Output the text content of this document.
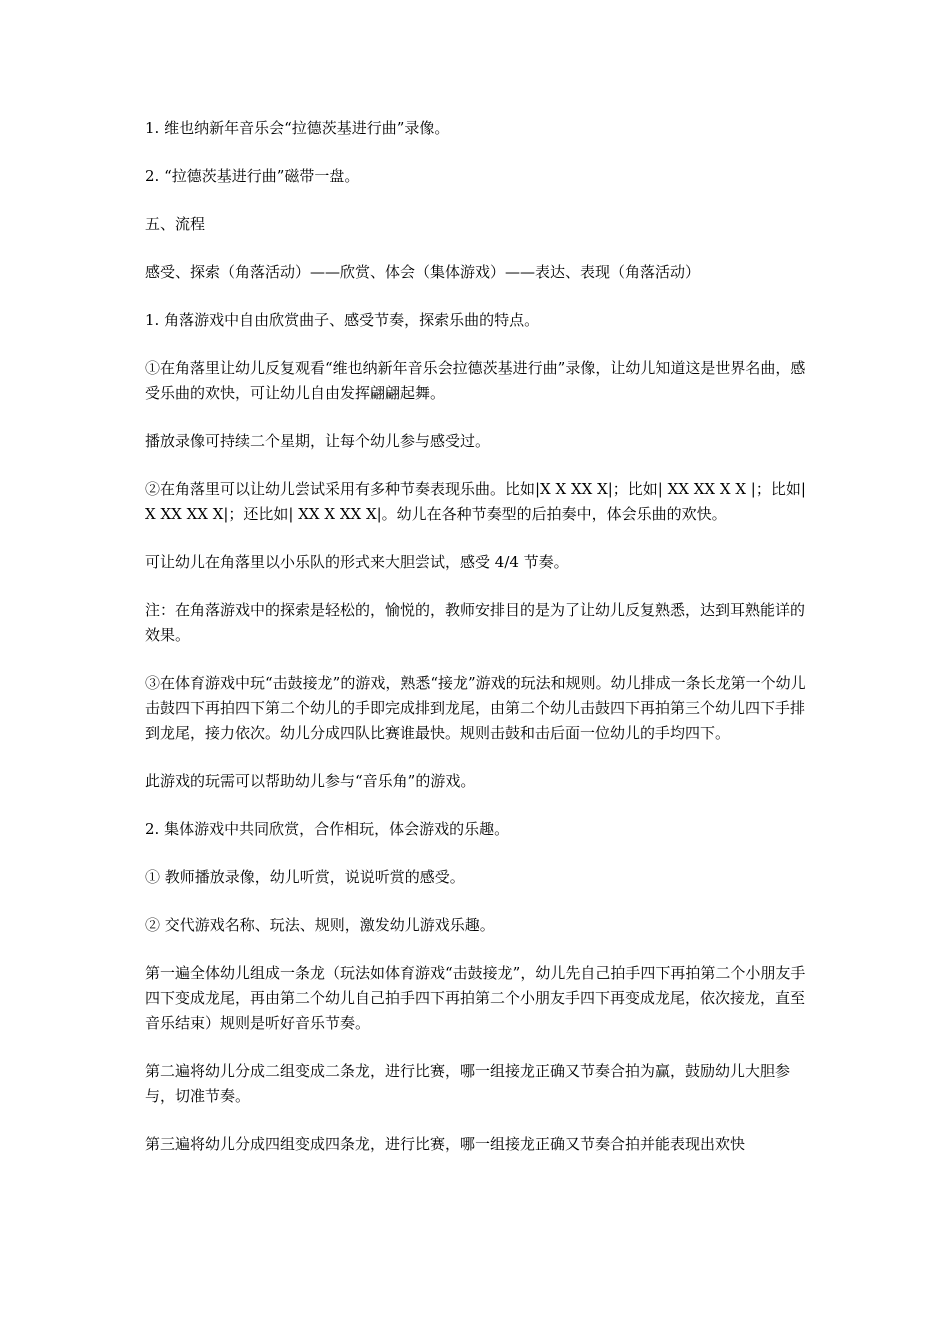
1. 维也纳新年音乐会“拉德茨基进行曲”录像。

2. “拉德茨基进行曲”磁带一盘。

五、流程

感受、探索（角落活动）——欣赏、体会（集体游戏）——表达、表现（角落活动）

1. 角落游戏中自由欣赏曲子、感受节奏，探索乐曲的特点。

①在角落里让幼儿反复观看“维也纳新年音乐会拉德茨基进行曲”录像，让幼儿知道这是世界名曲，感受乐曲的欢快，可让幼儿自由发挥翩翩起舞。

播放录像可持续二个星期，让每个幼儿参与感受过。

②在角落里可以让幼儿尝试采用有多种节奏表现乐曲。比如|X X XX X|；比如| XX XX X X |；比如| X XX XX X|；还比如| XX X XX X|。幼儿在各种节奏型的后拍奏中，体会乐曲的欢快。

可让幼儿在角落里以小乐队的形式来大胆尝试，感受 4/4 节奏。

注：在角落游戏中的探索是轻松的，愉悦的，教师安排目的是为了让幼儿反复熟悉，达到耳熟能详的效果。

③在体育游戏中玩“击鼓接龙”的游戏，熟悉“接龙”游戏的玩法和规则。幼儿排成一条长龙第一个幼儿击鼓四下再拍四下第二个幼儿的手即完成排到龙尾，由第二个幼儿击鼓四下再拍第三个幼儿四下手排到龙尾，接力依次。幼儿分成四队比赛谁最快。规则击鼓和击后面一位幼儿的手均四下。

此游戏的玩需可以帮助幼儿参与“音乐角”的游戏。

2. 集体游戏中共同欣赏，合作相玩，体会游戏的乐趣。

① 教师播放录像，幼儿听赏，说说听赏的感受。

② 交代游戏名称、玩法、规则，激发幼儿游戏乐趣。

第一遍全体幼儿组成一条龙（玩法如体育游戏“击鼓接龙”，幼儿先自己拍手四下再拍第二个小朋友手四下变成龙尾，再由第二个幼儿自己拍手四下再拍第二个小朋友手四下再变成龙尾，依次接龙，直至音乐结束）规则是听好音乐节奏。

第二遍将幼儿分成二组变成二条龙，进行比赛，哪一组接龙正确又节奏合拍为赢，鼓励幼儿大胆参与，切准节奏。

第三遍将幼儿分成四组变成四条龙，进行比赛，哪一组接龙正确又节奏合拍并能表现出欢快
